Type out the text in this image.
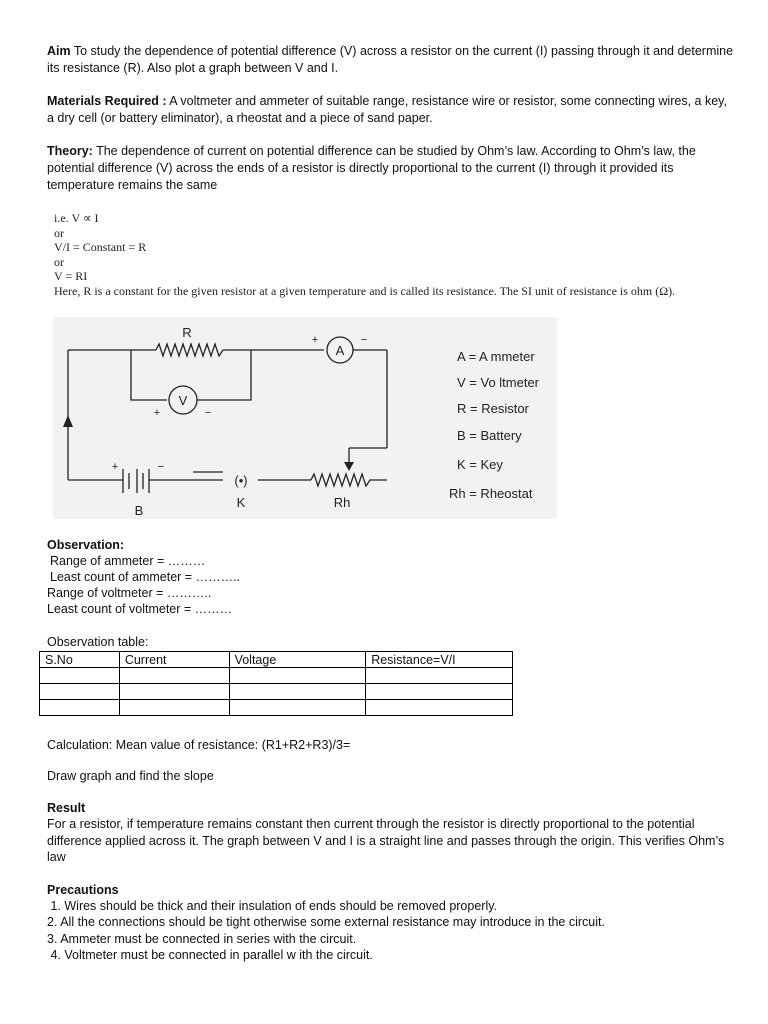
Aim To study the dependence of potential difference (V) across a resistor on the current (I) passing through it and determine its resistance (R). Also plot a graph between V and I.

Materials Required : A voltmeter and ammeter of suitable range, resistance wire or resistor, some connecting wires, a key, a dry cell (or battery eliminator), a rheostat and a piece of sand paper.

Theory: The dependence of current on potential difference can be studied by Ohm’s law. According to Ohm’s law, the potential difference (V) across the ends of a resistor is directly proportional to the current (I) through it provided its temperature remains the same

i.e. V ∝ I

or

V/I = Constant = R

or

V = RI

Here, R is a constant for the given resistor at a given temperature and is called its resistance. The SI unit of resistance is ohm (Ω).

R
A
+	−
V
+	−
+	−
B
(•)
K	Rh
A = A mmeter
V = Vo ltmeter
R = Resistor
B = Battery
K = Key
Rh = Rheostat

Observation:

Range of ammeter = ………

Least count of ammeter = ………..

Range of voltmeter = ………..

Least count of voltmeter = ………

Observation table:

S.No	Current	Voltage	Resistance=V/I

Calculation: Mean value of resistance: (R1+R2+R3)/3=

Draw graph and find the slope

Result

For a resistor, if temperature remains constant then current through the resistor is directly proportional to the potential difference applied across it. The graph between V and I is a straight line and passes through the origin. This verifies Ohm’s law

Precautions

1. Wires should be thick and their insulation of ends should be removed properly.

2. All the connections should be tight otherwise some external resistance may introduce in the circuit.

3. Ammeter must be connected in series with the circuit.

4. Voltmeter must be connected in parallel w ith the circuit.
